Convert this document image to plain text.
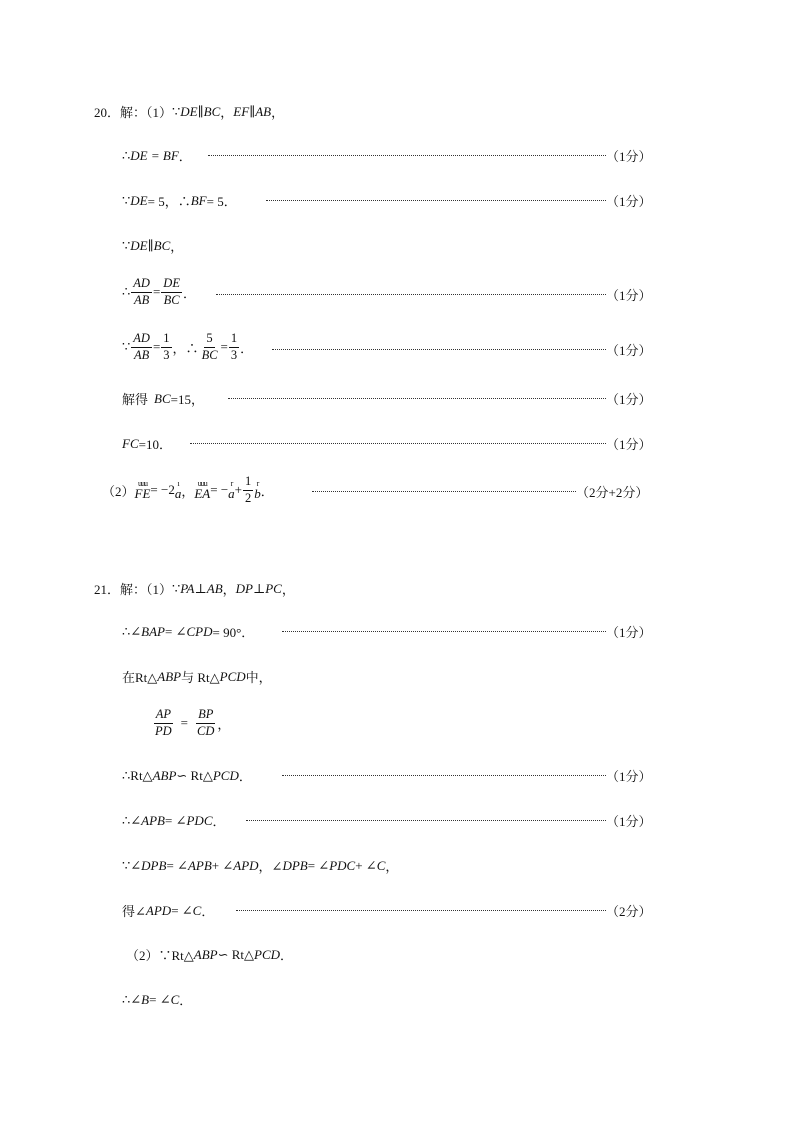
20．解：（1） ∵ DE ∥ BC ， EF ∥ AB ，
∴ DE = BF ．	（1分）
∵ DE = 5，∴ BF = 5．	（1分）
∵ DE ∥ BC ，
∴ $\frac{AD}{AB} = \frac{DE}{BC}$ ．	（1分）
∵ $\frac{AD}{AB} = \frac{1}{3}$ ，∴ $\frac{5}{BC} = \frac{1}{3}$ ．	（1分）
解得 BC =15，	（1分）
FC =10．	（1分）
（2） uuu
FE = −2 ı
a ， uuu
EA = − r
$a + \frac{1}{2}$ r
b ．	（2分+2分）
21．解：（1） ∵ PA ⊥ AB ， DP ⊥ PC ，
∴∠ BAP = ∠ CPD = 90°．	（1分）
在Rt△ ABP 与 Rt△ PCD 中，
$\frac{AP}{PD} = \frac{BP}{CD}$ ，
∴Rt△ ABP ∽ Rt△ PCD ．	（1分）
∴∠ APB = ∠ PDC ．	（1分）
∵∠ DPB = ∠ APB + ∠ APD ，∠ DPB = ∠ PDC + ∠ C ，
得∠ APD = ∠ C ．	（2分）
（2）∵Rt△ ABP ∽ Rt△ PCD ．
∴∠ B = ∠ C ．
